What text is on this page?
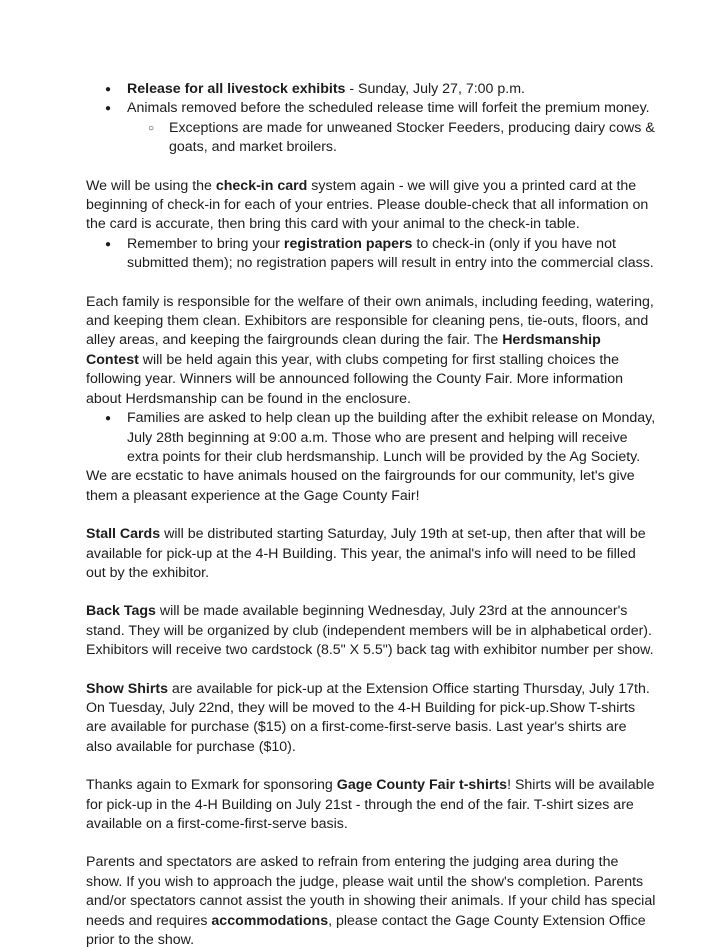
● Release for all livestock exhibits - Sunday, July 27, 7:00 p.m.
● Animals removed before the scheduled release time will forfeit the premium money.
○ Exceptions are made for unweaned Stocker Feeders, producing dairy cows & goats, and market broilers.

We will be using the check-in card system again - we will give you a printed card at the beginning of check-in for each of your entries. Please double-check that all information on the card is accurate, then bring this card with your animal to the check-in table.

● Remember to bring your registration papers to check-in (only if you have not submitted them); no registration papers will result in entry into the commercial class.

Each family is responsible for the welfare of their own animals, including feeding, watering, and keeping them clean. Exhibitors are responsible for cleaning pens, tie-outs, floors, and alley areas, and keeping the fairgrounds clean during the fair. The Herdsmanship Contest will be held again this year, with clubs competing for first stalling choices the following year. Winners will be announced following the County Fair. More information about Herdsmanship can be found in the enclosure.

● Families are asked to help clean up the building after the exhibit release on Monday, July 28th beginning at 9:00 a.m. Those who are present and helping will receive extra points for their club herdsmanship. Lunch will be provided by the Ag Society.

We are ecstatic to have animals housed on the fairgrounds for our community, let's give them a pleasant experience at the Gage County Fair!

Stall Cards will be distributed starting Saturday, July 19th at set-up, then after that will be available for pick-up at the 4-H Building. This year, the animal's info will need to be filled out by the exhibitor.

Back Tags will be made available beginning Wednesday, July 23rd at the announcer's stand. They will be organized by club (independent members will be in alphabetical order). Exhibitors will receive two cardstock (8.5" X 5.5") back tag with exhibitor number per show.

Show Shirts are available for pick-up at the Extension Office starting Thursday, July 17th. On Tuesday, July 22nd, they will be moved to the 4-H Building for pick-up.Show T-shirts are available for purchase ($15) on a first-come-first-serve basis. Last year's shirts are also available for purchase ($10).

Thanks again to Exmark for sponsoring Gage County Fair t-shirts! Shirts will be available for pick-up in the 4-H Building on July 21st - through the end of the fair. T-shirt sizes are available on a first-come-first-serve basis.

Parents and spectators are asked to refrain from entering the judging area during the show. If you wish to approach the judge, please wait until the show's completion. Parents and/or spectators cannot assist the youth in showing their animals. If your child has special needs and requires accommodations, please contact the Gage County Extension Office prior to the show.
